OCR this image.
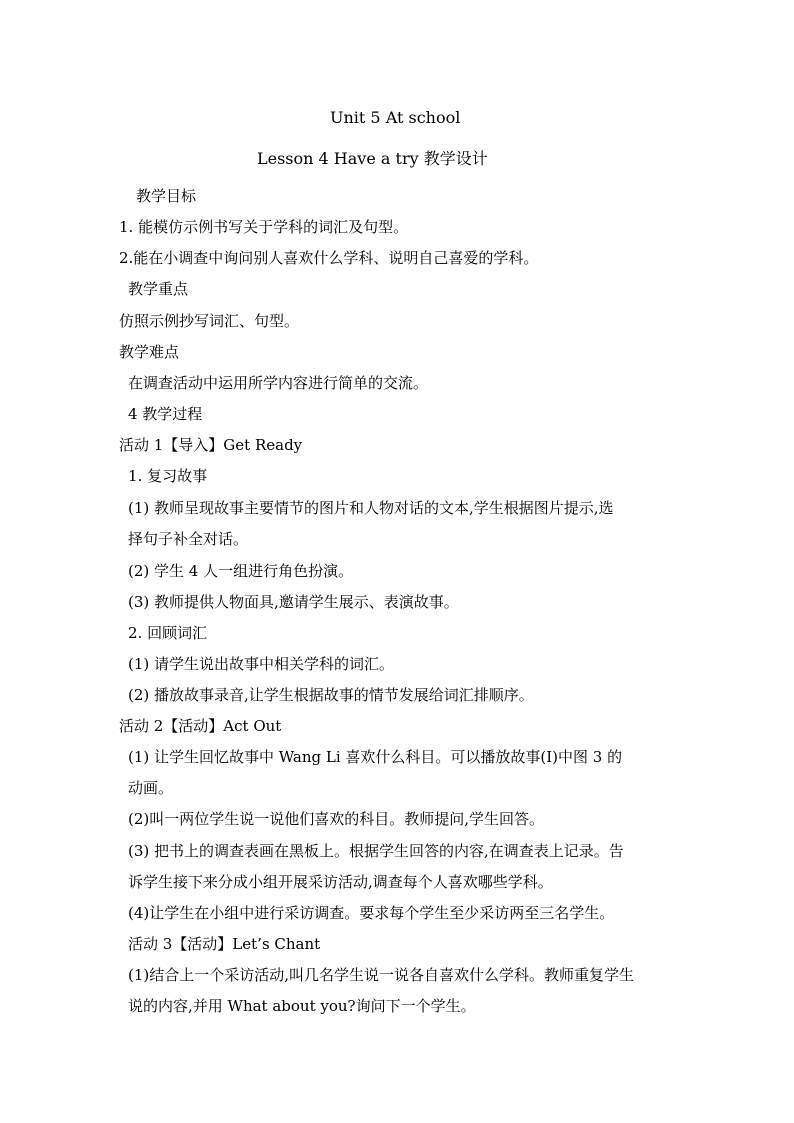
Unit 5 At school
Lesson 4 Have a try 教学设计
教学目标
1. 能模仿示例书写关于学科的词汇及句型。
2.能在小调查中询问别人喜欢什么学科、说明自己喜爱的学科。
教学重点
仿照示例抄写词汇、句型。
教学难点
在调查活动中运用所学内容进行简单的交流。
4 教学过程
活动 1【导入】Get Ready
1. 复习故事
(1) 教师呈现故事主要情节的图片和人物对话的文本,学生根据图片提示,选
择句子补全对话。
(2) 学生 4 人一组进行角色扮演。
(3) 教师提供人物面具,邀请学生展示、表演故事。
2. 回顾词汇
(1) 请学生说出故事中相关学科的词汇。
(2) 播放故事录音,让学生根据故事的情节发展给词汇排顺序。
活动 2【活动】Act Out
(1) 让学生回忆故事中 Wang Li 喜欢什么科目。可以播放故事(I)中图 3 的
动画。
(2)叫一两位学生说一说他们喜欢的科目。教师提问,学生回答。
(3) 把书上的调查表画在黑板上。根据学生回答的内容,在调查表上记录。告
诉学生接下来分成小组开展采访活动,调查每个人喜欢哪些学科。
(4)让学生在小组中进行采访调查。要求每个学生至少采访两至三名学生。
活动 3【活动】Let’s Chant
(1)结合上一个采访活动,叫几名学生说一说各自喜欢什么学科。教师重复学生
说的内容,并用 What about you?询问下一个学生。
